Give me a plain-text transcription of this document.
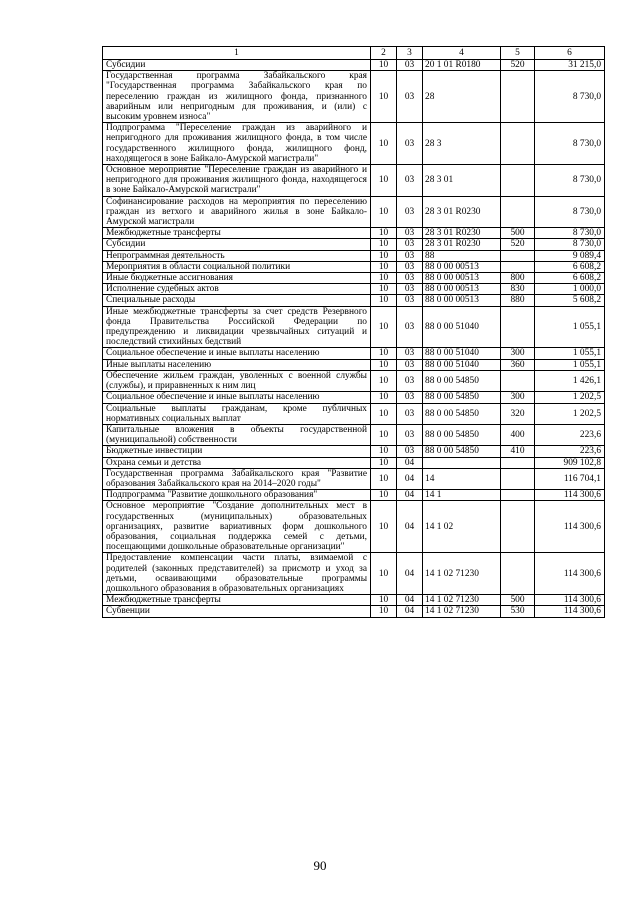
1	2	3	4	5	6
Субсидии	10	03	20 1 01 R0180	520	31 215,0
Государственная программа Забайкальского края "Государственная программа Забайкальского края по переселению граждан из жилищного фонда, признанного аварийным или непригодным для проживания, и (или) с высоким уровнем износа"	10	03	28		8 730,0
Подпрограмма "Переселение граждан из аварийного и непригодного для проживания жилищного фонда, в том числе государственного жилищного фонда, жилищного фонд, находящегося в зоне Байкало-Амурской магистрали"	10	03	28 3		8 730,0
Основное мероприятие "Переселение граждан из аварийного и непригодного для проживания жилищного фонда, находящегося в зоне Байкало-Амурской магистрали"	10	03	28 3 01		8 730,0
Софинансирование расходов на мероприятия по переселению граждан из ветхого и аварийного жилья в зоне Байкало-Амурской магистрали	10	03	28 3 01 R0230		8 730,0
Межбюджетные трансферты	10	03	28 3 01 R0230	500	8 730,0
Субсидии	10	03	28 3 01 R0230	520	8 730,0
Непрограммная деятельность	10	03	88		9 089,4
Мероприятия в области социальной политики	10	03	88 0 00 00513		6 608,2
Иные бюджетные ассигнования	10	03	88 0 00 00513	800	6 608,2
Исполнение судебных актов	10	03	88 0 00 00513	830	1 000,0
Специальные расходы	10	03	88 0 00 00513	880	5 608,2
Иные межбюджетные трансферты за счет средств Резервного фонда Правительства Российской Федерации по предупреждению и ликвидации чрезвычайных ситуаций и последствий стихийных бедствий	10	03	88 0 00 51040		1 055,1
Социальное обеспечение и иные выплаты населению	10	03	88 0 00 51040	300	1 055,1
Иные выплаты населению	10	03	88 0 00 51040	360	1 055,1
Обеспечение жильем граждан, уволенных с военной службы (службы), и приравненных к ним лиц	10	03	88 0 00 54850		1 426,1
Социальное обеспечение и иные выплаты населению	10	03	88 0 00 54850	300	1 202,5
Социальные выплаты гражданам, кроме публичных нормативных социальных выплат	10	03	88 0 00 54850	320	1 202,5
Капитальные вложения в объекты государственной (муниципальной) собственности	10	03	88 0 00 54850	400	223,6
Бюджетные инвестиции	10	03	88 0 00 54850	410	223,6
Охрана семьи и детства	10	04			909 102,8
Государственная программа Забайкальского края "Развитие образования Забайкальского края на 2014–2020 годы"	10	04	14		116 704,1
Подпрограмма "Развитие дошкольного образования"	10	04	14 1		114 300,6
Основное мероприятие "Создание дополнительных мест в государственных (муниципальных) образовательных организациях, развитие вариативных форм дошкольного образования, социальная поддержка семей с детьми, посещающими дошкольные образовательные организации"	10	04	14 1 02		114 300,6
Предоставление компенсации части платы, взимаемой с родителей (законных представителей) за присмотр и уход за детьми, осваивающими образовательные программы дошкольного образования в образовательных организациях	10	04	14 1 02 71230		114 300,6
Межбюджетные трансферты	10	04	14 1 02 71230	500	114 300,6
Субвенции	10	04	14 1 02 71230	530	114 300,6
90
